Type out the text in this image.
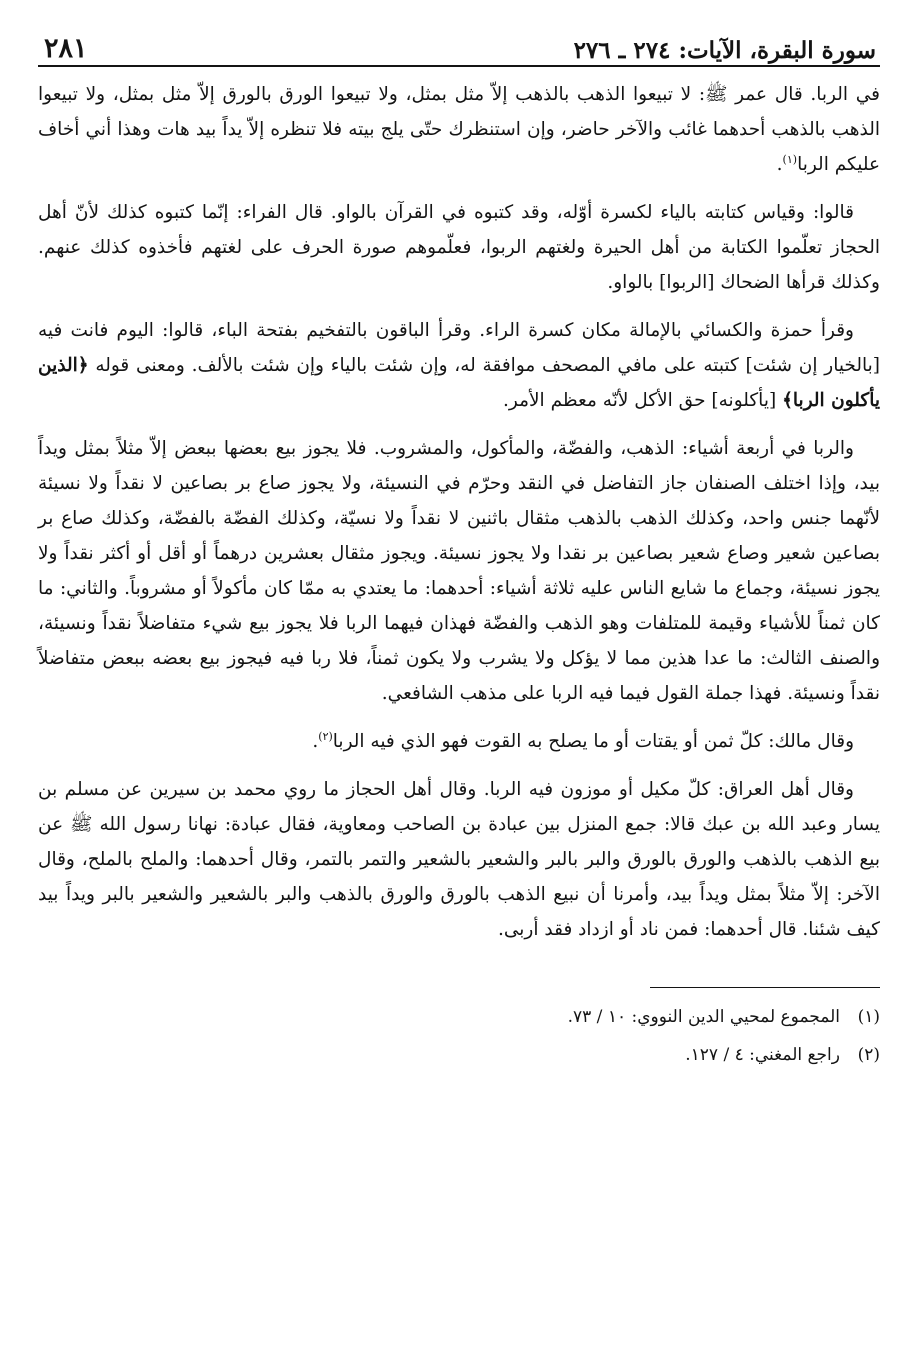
سورة البقرة، الآيات: ٢٧٤ ـ ٢٧٦
٢٨١

في الربا. قال عمر ﷺ: لا تبيعوا الذهب بالذهب إلاّ مثل بمثل، ولا تبيعوا الورق بالورق إلاّ مثل بمثل، ولا تبيعوا الذهب بالذهب أحدهما غائب والآخر حاضر، وإن استنظرك حتّى يلج بيته فلا تنظره إلاّ يداً بيد هات وهذا أني أخاف عليكم الربا$^{(١)}$.

قالوا: وقياس كتابته بالياء لكسرة أوّله، وقد كتبوه في القرآن بالواو. قال الفراء: إنّما كتبوه كذلك لأنّ أهل الحجاز تعلّموا الكتابة من أهل الحيرة ولغتهم الربوا، فعلّموهم صورة الحرف على لغتهم فأخذوه كذلك عنهم. وكذلك قرأها الضحاك [الربوا] بالواو.

وقرأ حمزة والكسائي بالإمالة مكان كسرة الراء. وقرأ الباقون بالتفخيم بفتحة الباء، قالوا: اليوم فانت فيه [بالخيار إن شئت] كتبته على مافي المصحف موافقة له، وإن شئت بالياء وإن شئت بالألف. ومعنى قوله ﴿الذين يأكلون الربا﴾ [يأكلونه] حق الأكل لأنّه معظم الأمر.

والربا في أربعة أشياء: الذهب، والفضّة، والمأكول، والمشروب. فلا يجوز بيع بعضها ببعض إلاّ مثلاً بمثل ويداً بيد، وإذا اختلف الصنفان جاز التفاضل في النقد وحرّم في النسيئة، ولا يجوز صاع بر بصاعين لا نقداً ولا نسيئة لأنّهما جنس واحد، وكذلك الذهب بالذهب مثقال باثنين لا نقداً ولا نسيّة، وكذلك الفضّة بالفضّة، وكذلك صاع بر بصاعين شعير وصاع شعير بصاعين بر نقدا ولا يجوز نسيئة. ويجوز مثقال بعشرين درهماً أو أقل أو أكثر نقداً ولا يجوز نسيئة، وجماع ما شايع الناس عليه ثلاثة أشياء: أحدهما: ما يعتدي به ممّا كان مأكولاً أو مشروباً. والثاني: ما كان ثمناً للأشياء وقيمة للمتلفات وهو الذهب والفضّة فهذان فيهما الربا فلا يجوز بيع شيء متفاضلاً نقداً ونسيئة، والصنف الثالث: ما عدا هذين مما لا يؤكل ولا يشرب ولا يكون ثمناً، فلا ربا فيه فيجوز بيع بعضه ببعض متفاضلاً نقداً ونسيئة. فهذا جملة القول فيما فيه الربا على مذهب الشافعي.

وقال مالك: كلّ ثمن أو يقتات أو ما يصلح به القوت فهو الذي فيه الربا$^{(٢)}$.

وقال أهل العراق: كلّ مكيل أو موزون فيه الربا. وقال أهل الحجاز ما روي محمد بن سيرين عن مسلم بن يسار وعبد الله بن عبك قالا: جمع المنزل بين عبادة بن الصاحب ومعاوية، فقال عبادة: نهانا رسول الله ﷺ عن بيع الذهب بالذهب والورق بالورق والبر بالبر والشعير بالشعير والتمر بالتمر، وقال أحدهما: والملح بالملح، وقال الآخر: إلاّ مثلاً بمثل ويداً بيد، وأمرنا أن نبيع الذهب بالورق والورق بالذهب والبر بالشعير والشعير بالبر ويداً بيد كيف شئنا. قال أحدهما: فمن ناد أو ازداد فقد أربى.

(١)
المجموع لمحيي الدين النووي: ١٠ / ٧٣.
(٢)
راجع المغني: ٤ / ١٢٧.
